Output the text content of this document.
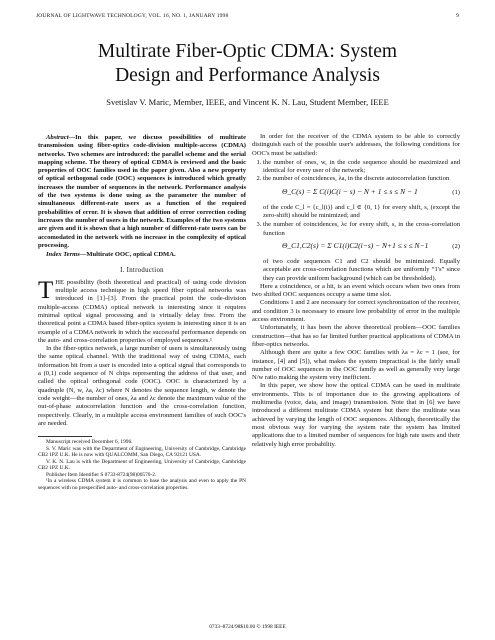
JOURNAL OF LIGHTWAVE TECHNOLOGY, VOL. 16, NO. 1, JANUARY 1998	9
Multirate Fiber-Optic CDMA: System
Design and Performance Analysis
Svetislav V. Maric, Member, IEEE, and Vincent K. N. Lau, Student Member, IEEE

Abstract—In this paper, we discuss possibilities of multirate transmission using fiber-optics code-division multiple-access (CDMA) networks. Two schemes are introduced: the parallel scheme and the serial mapping scheme. The theory of optical CDMA is reviewed and the basic properties of OOC families used in the paper given. Also a new property of optical orthogonal code (OOC) sequences is introduced which greatly increases the number of sequences in the network. Performance analysis of the two systems is done using as the parameter the number of simultaneous different-rate users as a function of the required probabilities of error. It is shown that addition of error correction coding increases the number of users in the network. Examples of the two systems are given and it is shown that a high number of different-rate users can be accomodated in the network with no increase in the complexity of optical processing.

Index Terms—Multirate OOC, optical CDMA.

I. Introduction

THE possibility (both theoretical and practical) of using code division multiple access technique in high speed fiber optical networks was introduced in [1]–[3]. From the practical point the code-division multiple-access (CDMA) optical network is interesting since it requires minimal optical signal processing and is virtually delay free. From the theoretical point a CDMA based fiber-optics system is interesting since it is an example of a CDMA network in which the successful performance depends on the auto- and cross-correlation properties of employed sequences.¹

In the fiber-optics network, a large number of users is simultaneously using the same optical channel. With the traditional way of using CDMA, each information bit from a user is encoded into a optical signal that corresponds to a (0,1) code sequence of N chips representing the address of that user, and called the optical orthogonal code (OOC). OOC is characterized by a quadruple (N, w, λa, λc) where N denotes the sequence length, w denote the code weight—the number of ones, λa and λc denote the maximum value of the out-of-phase autocorrelation function and the cross-correlation function, respectively. Clearly, in a multiple access environment families of such OOC's are needed.

Manuscript received December 6, 1996.

S. V. Maric was with the Department of Engineering, University of Cambridge, Cambridge CB2 1PZ U.K. He is now with QUALCOMM, San Diego, CA 92121 USA.

V. K. N. Lau is with the Department of Engineering, University of Cambridge, Cambridge CB2 1PZ U.K.

Publisher Item Identifier S 0733-8724(98)00570-2.

¹In a wireless CDMA system it is common to base the analysis and even to apply the PN sequences with no prespecified auto- and cross-correlation properties.

In order for the receiver of the CDMA system to be able to correctly distinguish each of the possible user's addresses, the following conditions for OOC's must be satisfied:

1. the number of ones, w, in the code sequence should be maximized and identical for every user of the network;
2. the number of coincidences, λa, in the discrete autocorrelation function
Θ_C(s) = Σ C(i)C(i − s) − N + 1 ≤ s ≤ N − 1	(1)

of the code C_l = {c_l(i)} and c_l ∈ {0, 1} for every shift, s, (except the zero-shift) should be minimized; and

3. the number of coincidences, λc for every shift, s, in the cross-correlation function
Θ_C1,C2(s) = Σ C1(i)C2(i−s) − N+1 ≤ s ≤ N−1	(2)

of two code sequences C1 and C2 should be minimized. Equally acceptable are cross-correlation functions which are uniformly “1's” since they can provide uniform background (which can be thresholded).

Here a coincidence, or a hit, is an event which occurs when two ones from two shifted OOC sequences occupy a same time slot.

Conditions 1 and 2 are necessary for correct synchronization of the receiver, and condition 3 is necessary to ensure low probability of error in the multiple access environment.

Unfortunately, it has been the above theoretical problem—OOC families construction—that has so far limited further practical applications of CDMA in fiber-optics networks.

Although there are quite a few OOC families with λa = λc = 1 (see, for instance, [4] and [5]), what makes the system impractical is the fairly small number of OOC sequences in the OOC family as well as generally very large N/w ratio making the system very inefficient.

In this paper, we show how the optical CDMA can be used in multirate environments. This is of importance due to the growing applications of multimedia (voice, data, and image) transmission. Note that in [6] we have introduced a different multirate CDMA system but there the multirate was achieved by varying the length of OOC sequences. Although, theoretically the most obvious way for varying the system rate the system has limited applications due to a limited number of sequences for high rate users and their relatively high error probability.

0733–8724/98$10.00 © 1998 IEEE
